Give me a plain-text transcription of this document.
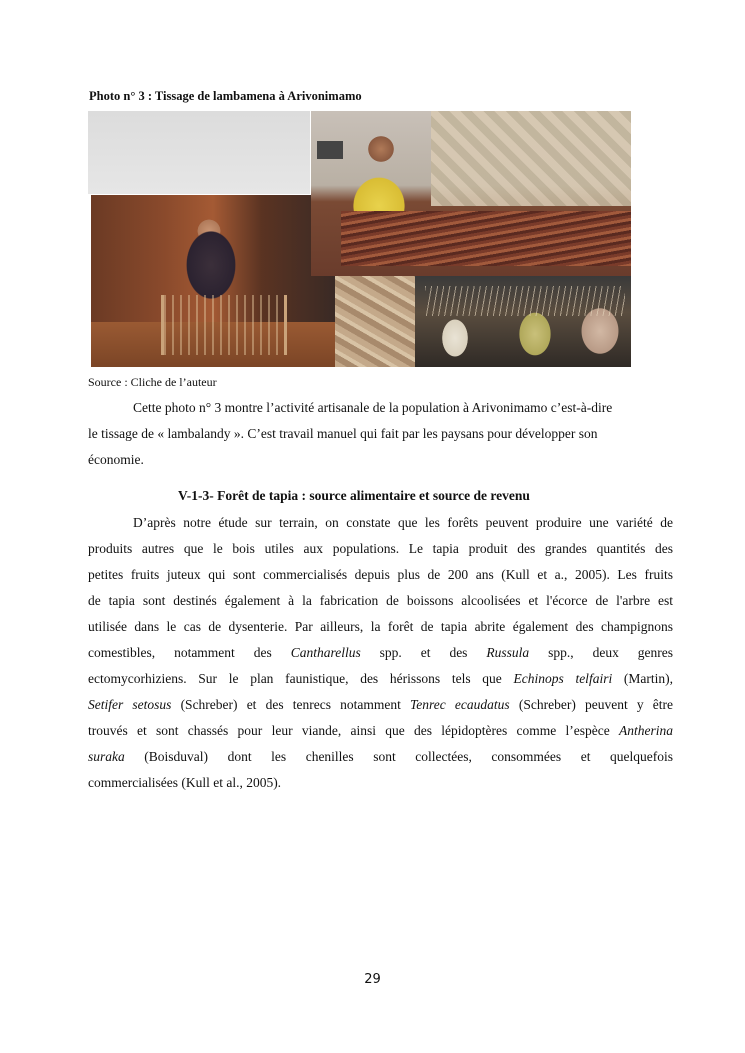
Photo n° 3 : Tissage de lambamena à Arivonimamo
Source : Cliche de l’auteur
Cette photo n° 3 montre l’activité artisanale de la population à Arivonimamo c’est-à-dire
le tissage de « lambalandy ». C’est travail manuel qui fait par les paysans pour développer son
économie.
V-1-3- Forêt de tapia : source alimentaire et source de revenu
D’après notre étude sur terrain, on constate que les forêts peuvent produire une variété de
produits autres que le bois utiles aux populations. Le tapia produit des grandes quantités des
petites fruits juteux qui sont commercialisés depuis plus de 200 ans (Kull et a., 2005). Les fruits
de tapia sont destinés également à la fabrication de boissons alcoolisées et l'écorce de l'arbre est
utilisée dans le cas de dysenterie. Par ailleurs, la forêt de tapia abrite également des champignons
comestibles, notamment des Cantharellus spp. et des Russula spp., deux genres
ectomycorhiziens. Sur le plan faunistique, des hérissons tels que Echinops telfairi (Martin),
Setifer setosus (Schreber) et des tenrecs notamment Tenrec ecaudatus (Schreber) peuvent y être
trouvés et sont chassés pour leur viande, ainsi que des lépidoptères comme l’espèce Antherina
suraka (Boisduval) dont les chenilles sont collectées, consommées et quelquefois
commercialisées (Kull et al., 2005).
29
